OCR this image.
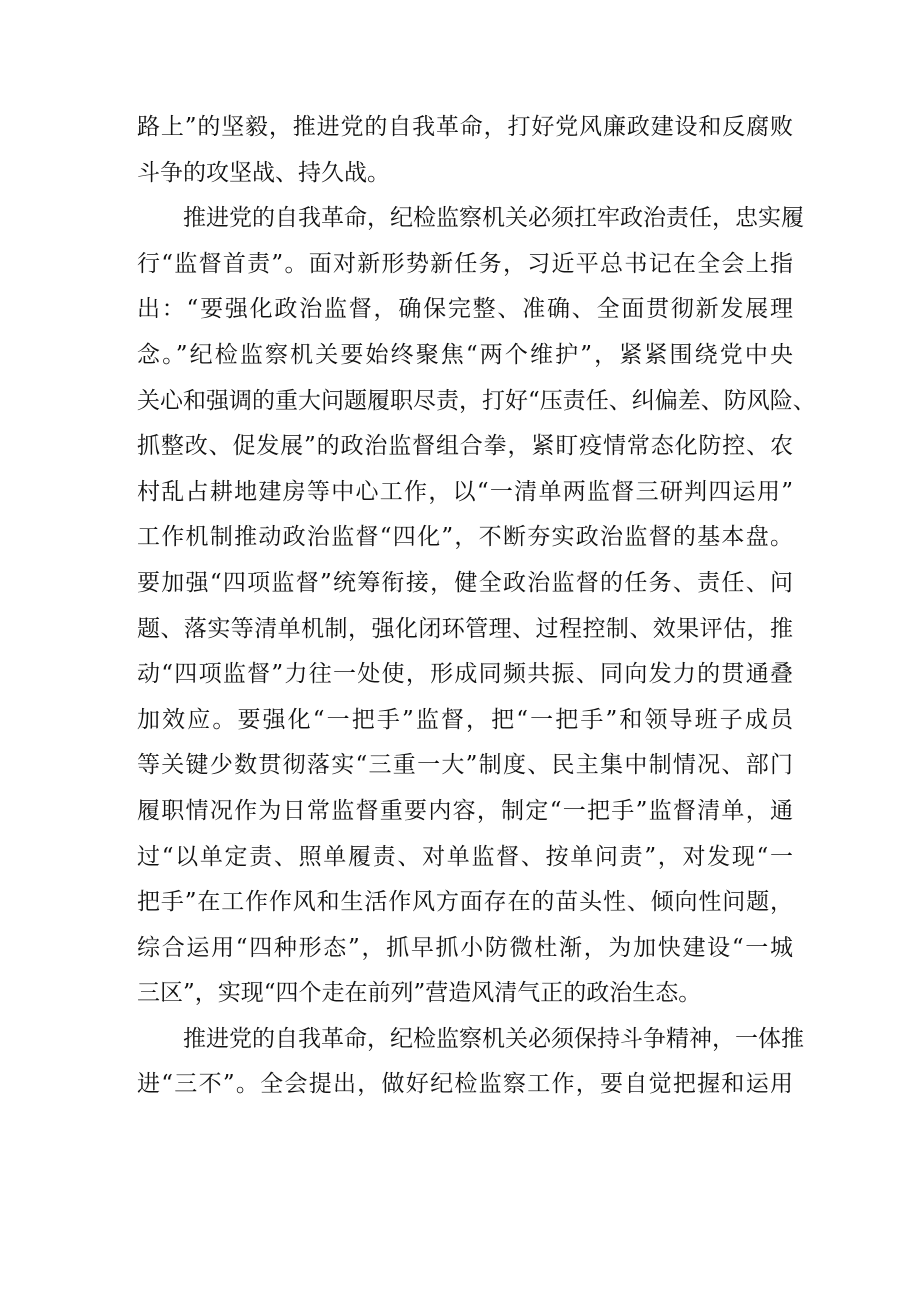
路上”的坚毅，推进党的自我革命，打好党风廉政建设和反腐败
斗争的攻坚战、持久战。
推进党的自我革命，纪检监察机关必须扛牢政治责任，忠实履
行“监督首责”。面对新形势新任务，习近平总书记在全会上指
出：“要强化政治监督，确保完整、准确、全面贯彻新发展理
念。”纪检监察机关要始终聚焦“两个维护”，紧紧围绕党中央
关心和强调的重大问题履职尽责，打好“压责任、纠偏差、防风险、
抓整改、促发展”的政治监督组合拳，紧盯疫情常态化防控、农
村乱占耕地建房等中心工作，以“一清单两监督三研判四运用”
工作机制推动政治监督“四化”，不断夯实政治监督的基本盘。
要加强“四项监督”统筹衔接，健全政治监督的任务、责任、问
题、落实等清单机制，强化闭环管理、过程控制、效果评估，推
动“四项监督”力往一处使，形成同频共振、同向发力的贯通叠
加效应。要强化“一把手”监督，把“一把手”和领导班子成员
等关键少数贯彻落实“三重一大”制度、民主集中制情况、部门
履职情况作为日常监督重要内容，制定“一把手”监督清单，通
过“以单定责、照单履责、对单监督、按单问责”，对发现“一
把手”在工作作风和生活作风方面存在的苗头性、倾向性问题，
综合运用“四种形态”，抓早抓小防微杜渐，为加快建设“一城
三区”，实现“四个走在前列”营造风清气正的政治生态。
推进党的自我革命，纪检监察机关必须保持斗争精神，一体推
进“三不”。全会提出，做好纪检监察工作，要自觉把握和运用
